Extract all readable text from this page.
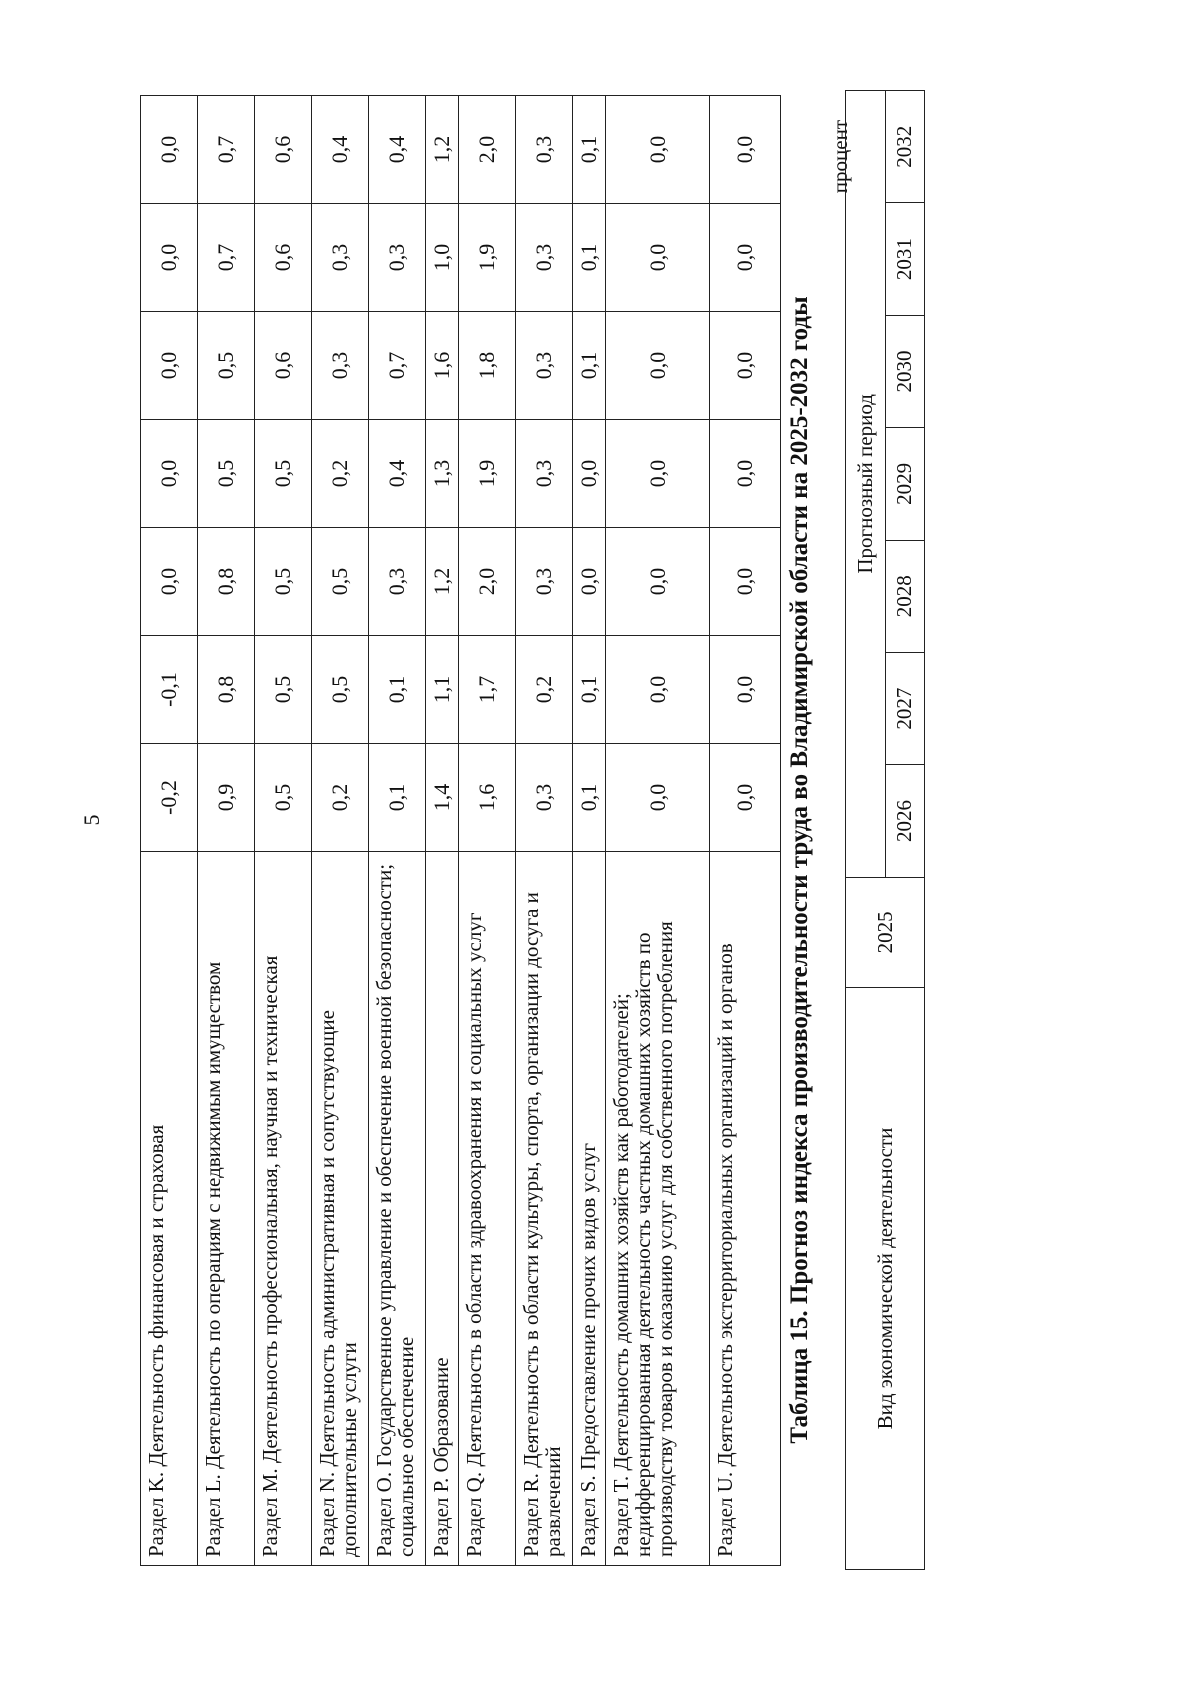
5
Раздел K. Деятельность финансовая и страховая	-0,2	-0,1	0,0	0,0	0,0	0,0	0,0
Раздел L. Деятельность по операциям с недвижимым имуществом	0,9	0,8	0,8	0,5	0,5	0,7	0,7
Раздел M. Деятельность профессиональная, научная и техническая	0,5	0,5	0,5	0,5	0,6	0,6	0,6
Раздел N. Деятельность административная и сопутствующие дополнительные услуги	0,2	0,5	0,5	0,2	0,3	0,3	0,4
Раздел O. Государственное управление и обеспечение военной безопасности; социальное обеспечение	0,1	0,1	0,3	0,4	0,7	0,3	0,4
Раздел P. Образование	1,4	1,1	1,2	1,3	1,6	1,0	1,2
Раздел Q. Деятельность в области здравоохранения и социальных услуг	1,6	1,7	2,0	1,9	1,8	1,9	2,0
Раздел R. Деятельность в области культуры, спорта, организации досуга и развлечений	0,3	0,2	0,3	0,3	0,3	0,3	0,3
Раздел S. Предоставление прочих видов услуг	0,1	0,1	0,0	0,0	0,1	0,1	0,1
Раздел T. Деятельность домашних хозяйств как работодателей; недифференцированная деятельность частных домашних хозяйств по производству товаров и оказанию услуг для собственного потребления	0,0	0,0	0,0	0,0	0,0	0,0	0,0
Раздел U. Деятельность экстерриториальных организаций и органов	0,0	0,0	0,0	0,0	0,0	0,0	0,0
Таблица 15. Прогноз индекса производительности труда во Владимирской области на 2025-2032 годы
процент
Вид экономической деятельности	2025	Прогнозный период						
		2026	2027	2028	2029	2030	2031	2032
